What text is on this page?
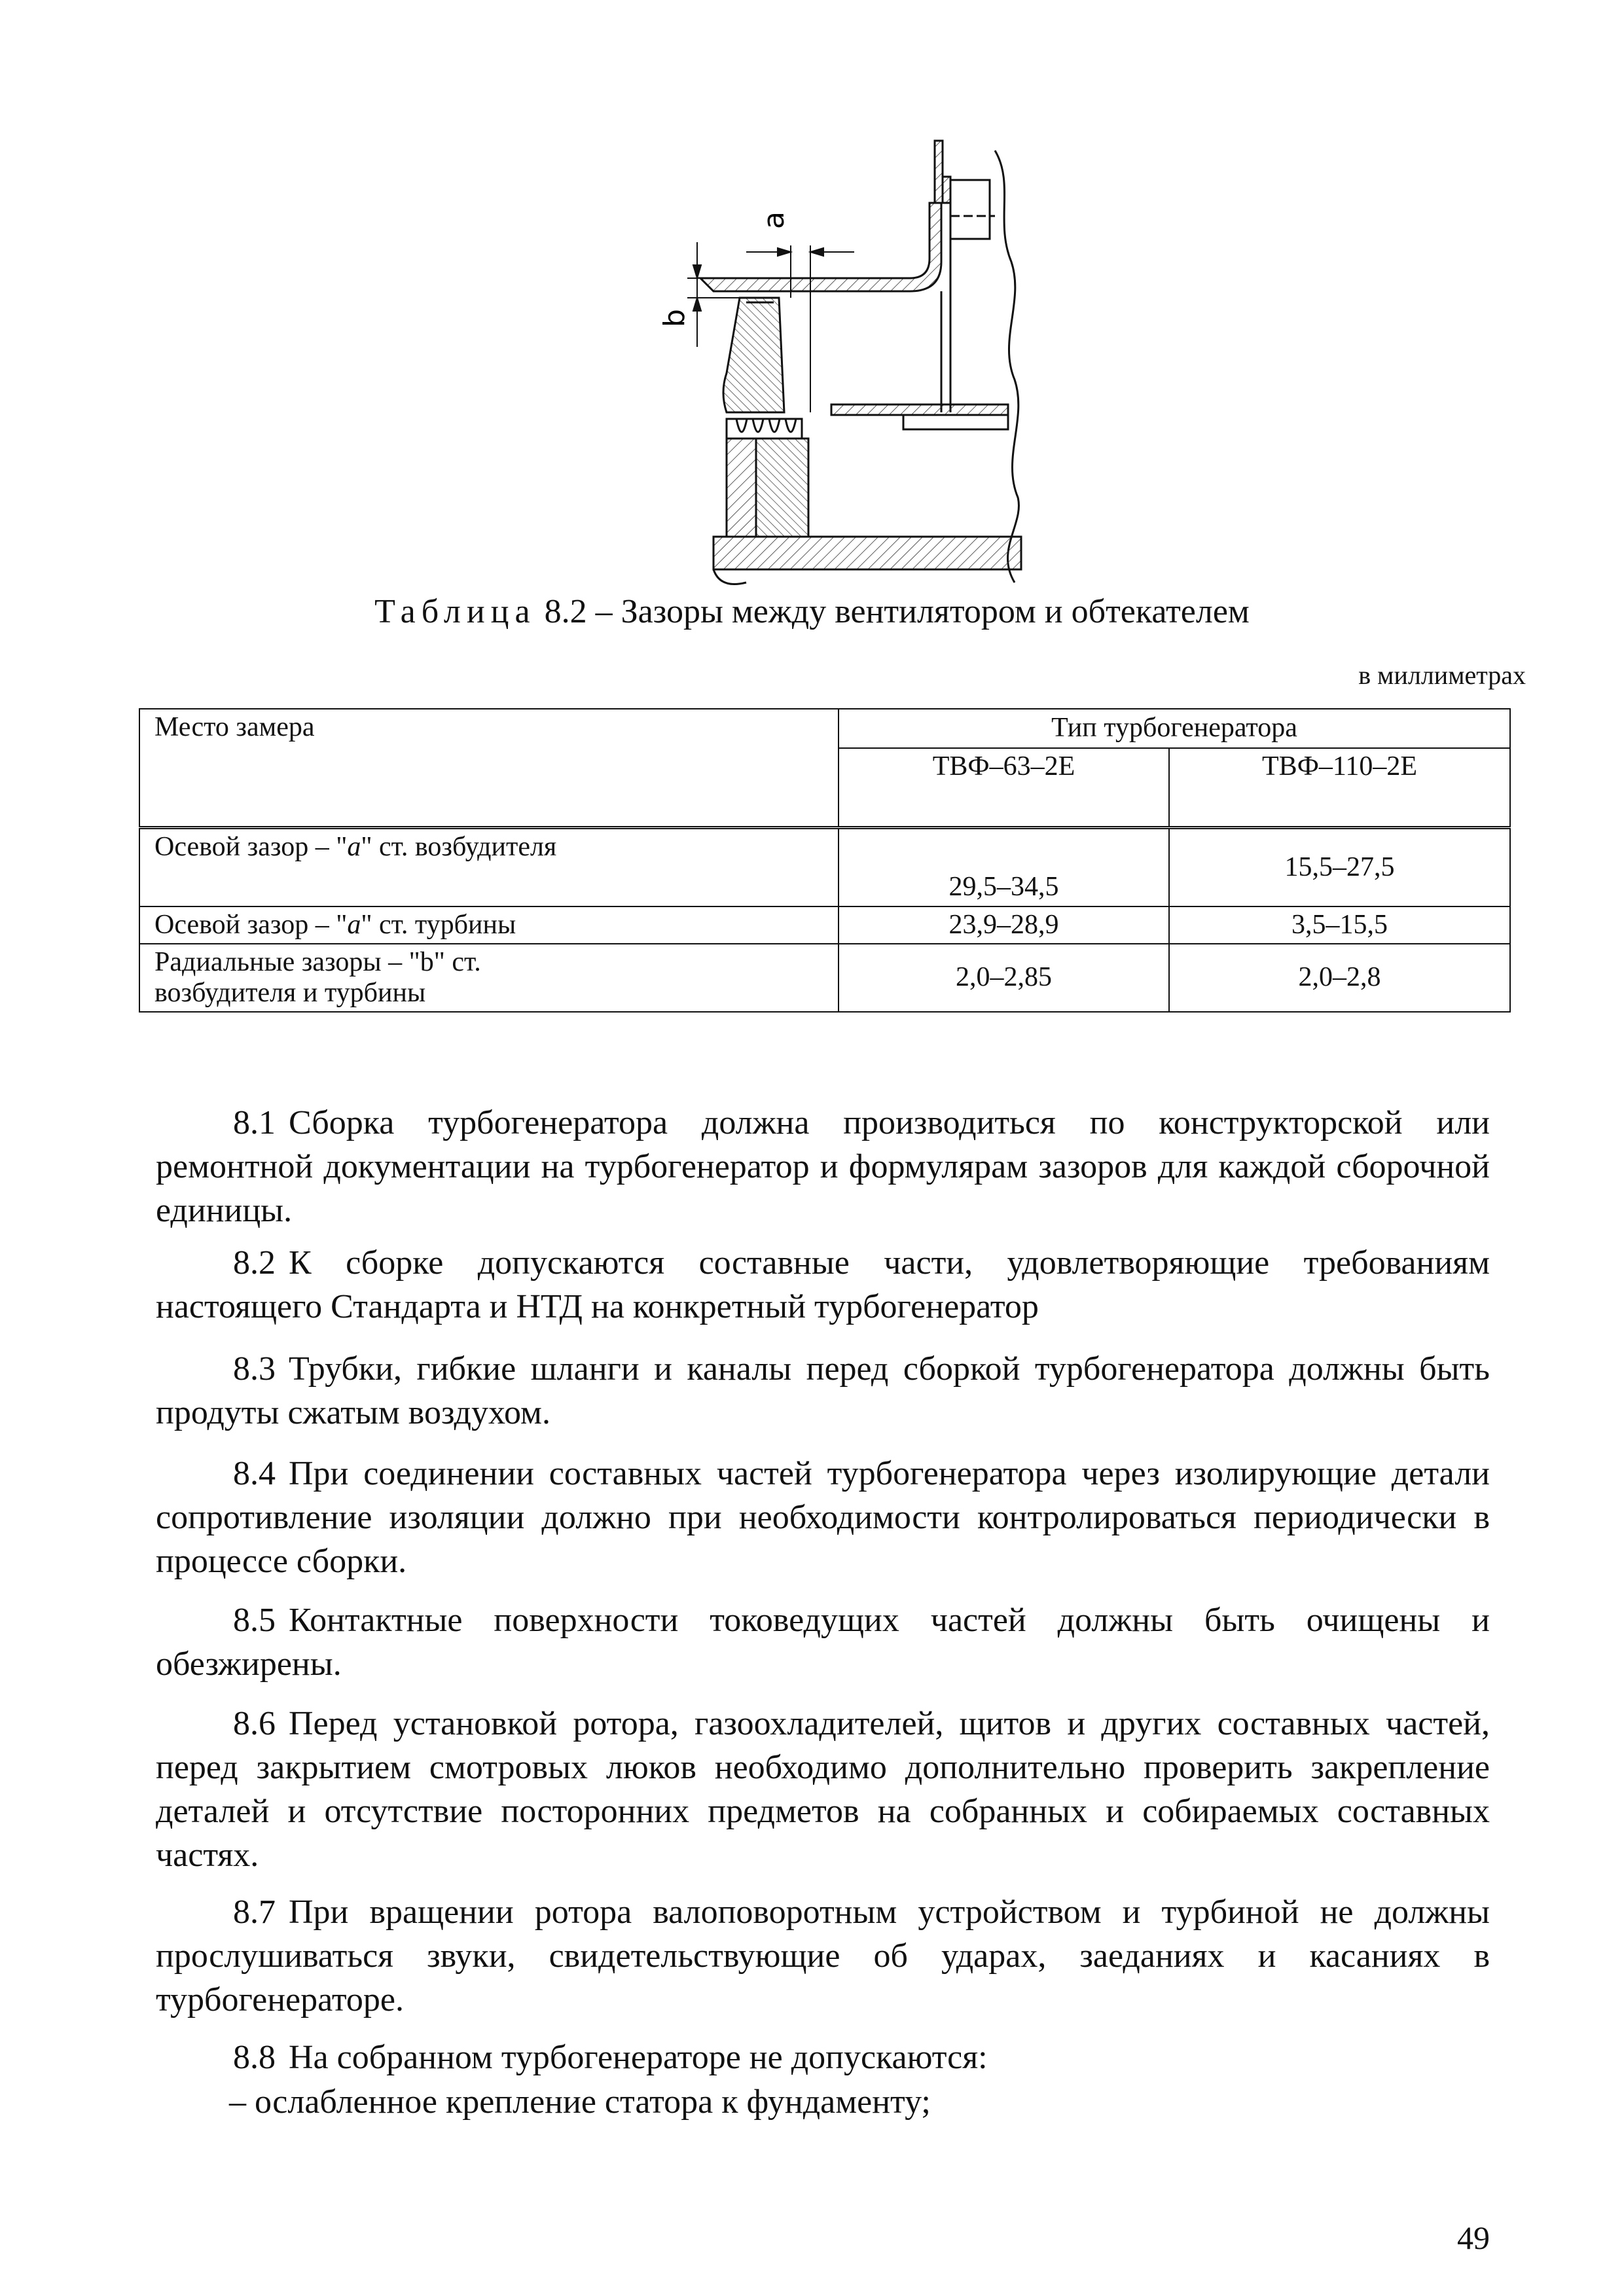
a
b
Таблица 8.2 – Зазоры между вентилятором и обтекателем
в миллиметрах
Место замера	Тип турбогенератора	
	ТВФ–63–2Е	ТВФ–110–2Е
Осевой зазор – "а" ст. возбудителя	29,5–34,5	15,5–27,5
Осевой зазор – "а" ст. турбины	23,9–28,9	3,5–15,5
Радиальные зазоры – "b" ст.
возбудителя и турбины	2,0–2,85	2,0–2,8

8.1 Сборка турбогенератора должна производиться по конструкторской или ремонтной документации на турбогенератор и формулярам зазоров для каждой сборочной единицы.

8.2 К сборке допускаются составные части, удовлетворяющие требованиям настоящего Стандарта и НТД на конкретный турбогенератор

8.3 Трубки, гибкие шланги и каналы перед сборкой турбогенератора должны быть продуты сжатым воздухом.

8.4 При соединении составных частей турбогенератора через изолирующие детали сопротивление изоляции должно при необходимости контролироваться периодически в процессе сборки.

8.5 Контактные поверхности токоведущих частей должны быть очищены и обезжирены.

8.6 Перед установкой ротора, газоохладителей, щитов и других составных частей, перед закрытием смотровых люков необходимо дополнительно проверить закрепление деталей и отсутствие посторонних предметов на собранных и собираемых составных частях.

8.7 При вращении ротора валоповоротным устройством и турбиной не должны прослушиваться звуки, свидетельствующие об ударах, заеданиях и касаниях в турбогенераторе.

8.8 На собранном турбогенераторе не допускаются:

– ослабленное крепление статора к фундаменту;

49
